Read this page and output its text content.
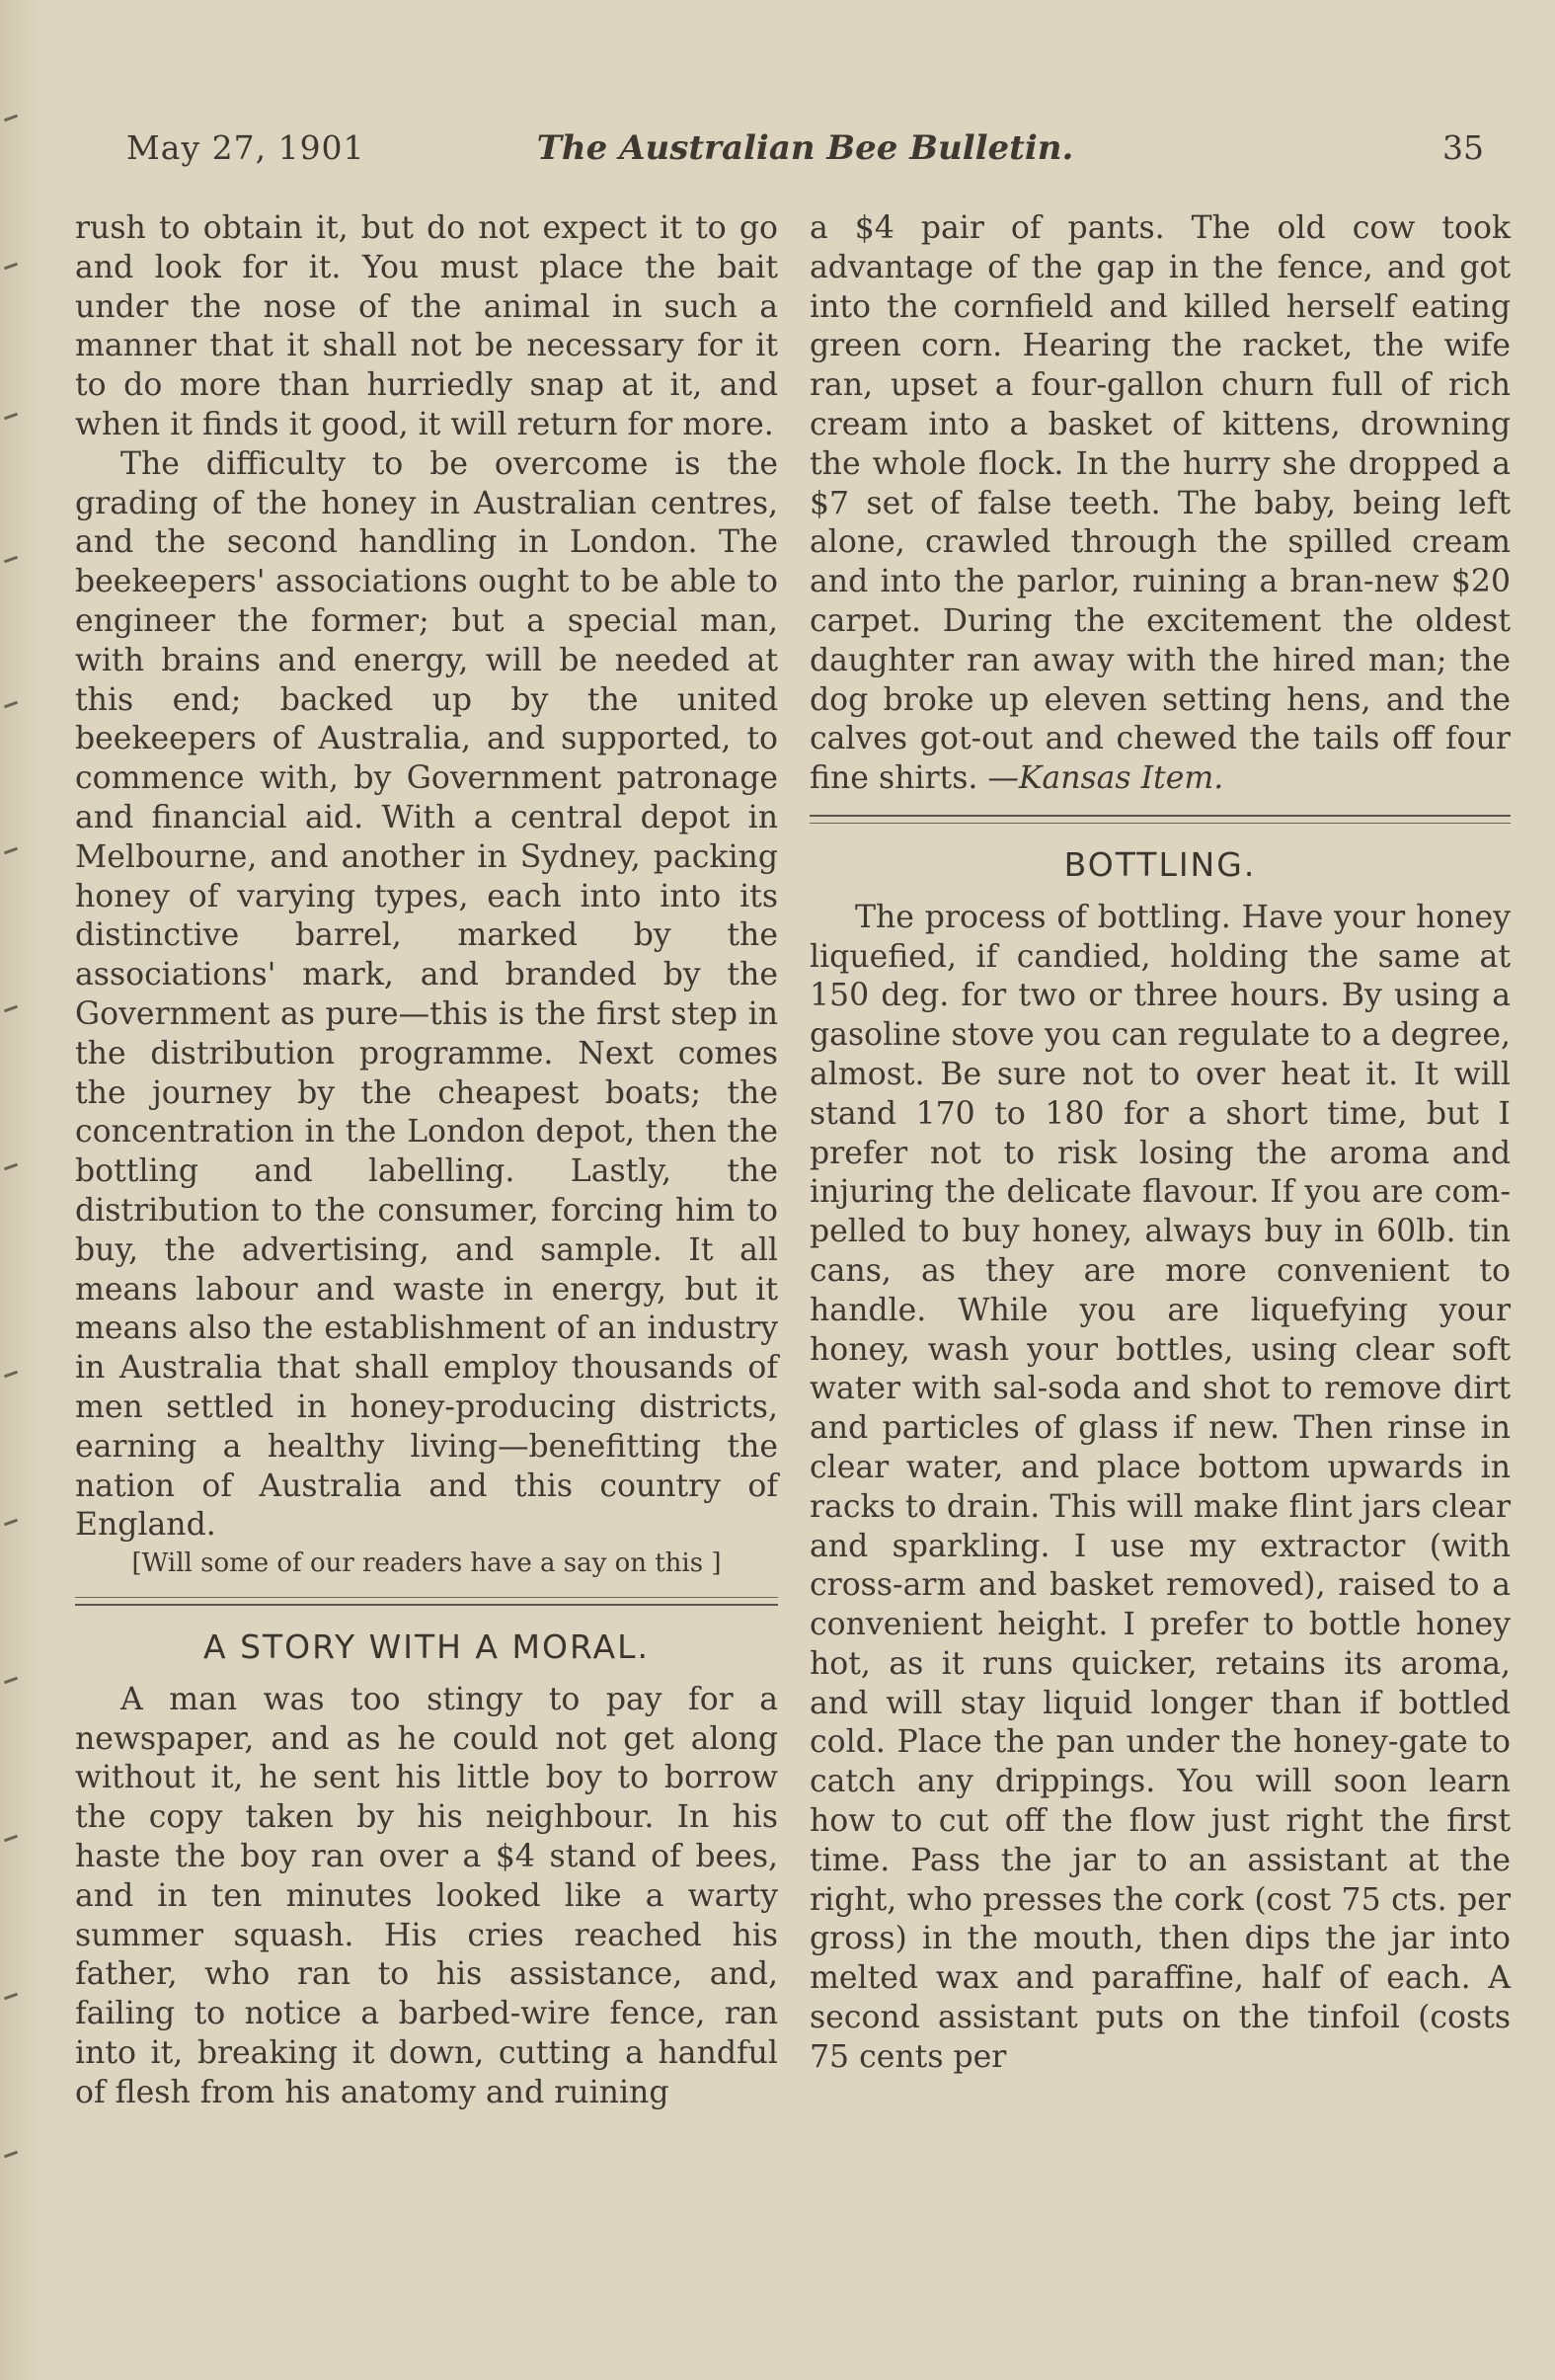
May 27, 1901	The Australian Bee Bulletin.	35

rush to obtain it, but do not expect it to go and look for it. You must place the bait under the nose of the animal in such a manner that it shall not be necessary for it to do more than hurriedly snap at it, and when it finds it good, it will return for more.

The difficulty to be overcome is the grading of the honey in Australian centres, and the second handling in London. The beekeepers' associations ought to be able to engineer the former; but a special man, with brains and energy, will be needed at this end; backed up by the united beekeepers of Australia, and supported, to commence with, by Government patronage and financial aid. With a central depot in Melbourne, and another in Sydney, packing honey of varying types, each into into its distinctive barrel, marked by the associations' mark, and branded by the Government as pure—this is the first step in the distribution programme. Next comes the journey by the cheapest boats; the concentration in the London depot, then the bottling and labelling. Lastly, the distribution to the consumer, forcing him to buy, the advertising, and sample. It all means labour and waste in energy, but it means also the establishment of an industry in Australia that shall employ thousands of men settled in honey-producing districts, earning a healthy living—benefitting the nation of Australia and this country of England.

[Will some of our readers have a say on this ]

A STORY WITH A MORAL.

A man was too stingy to pay for a newspaper, and as he could not get along without it, he sent his little boy to borrow the copy taken by his neighbour. In his haste the boy ran over a $4 stand of bees, and in ten minutes looked like a warty summer squash. His cries reached his father, who ran to his assistance, and, failing to notice a barbed-wire fence, ran into it, breaking it down, cutting a handful of flesh from his anatomy and ruining

a $4 pair of pants. The old cow took advantage of the gap in the fence, and got into the cornfield and killed herself eating green corn. Hearing the racket, the wife ran, upset a four-gallon churn full of rich cream into a basket of kittens, drowning the whole flock. In the hurry she dropped a $7 set of false teeth. The baby, being left alone, crawled through the spilled cream and into the parlor, ruining a bran-new $20 carpet. During the excitement the oldest daughter ran away with the hired man; the dog broke up eleven setting hens, and the calves got-out and chewed the tails off four fine shirts. —Kansas Item.

BOTTLING.

The process of bottling. Have your honey liquefied, if candied, holding the same at 150 deg. for two or three hours. By using a gasoline stove you can regulate to a degree, almost. Be sure not to over heat it. It will stand 170 to 180 for a short time, but I prefer not to risk losing the aroma and injuring the delicate flavour. If you are compelled to buy honey, always buy in 60lb. tin cans, as they are more convenient to handle. While you are liquefying your honey, wash your bottles, using clear soft water with sal-soda and shot to remove dirt and particles of glass if new. Then rinse in clear water, and place bottom upwards in racks to drain. This will make flint jars clear and sparkling. I use my extractor (with cross-arm and basket removed), raised to a convenient height. I prefer to bottle honey hot, as it runs quicker, retains its aroma, and will stay liquid longer than if bottled cold. Place the pan under the honey-gate to catch any drippings. You will soon learn how to cut off the flow just right the first time. Pass the jar to an assistant at the right, who presses the cork (cost 75 cts. per gross) in the mouth, then dips the jar into melted wax and paraffine, half of each. A second assistant puts on the tinfoil (costs 75 cents per
